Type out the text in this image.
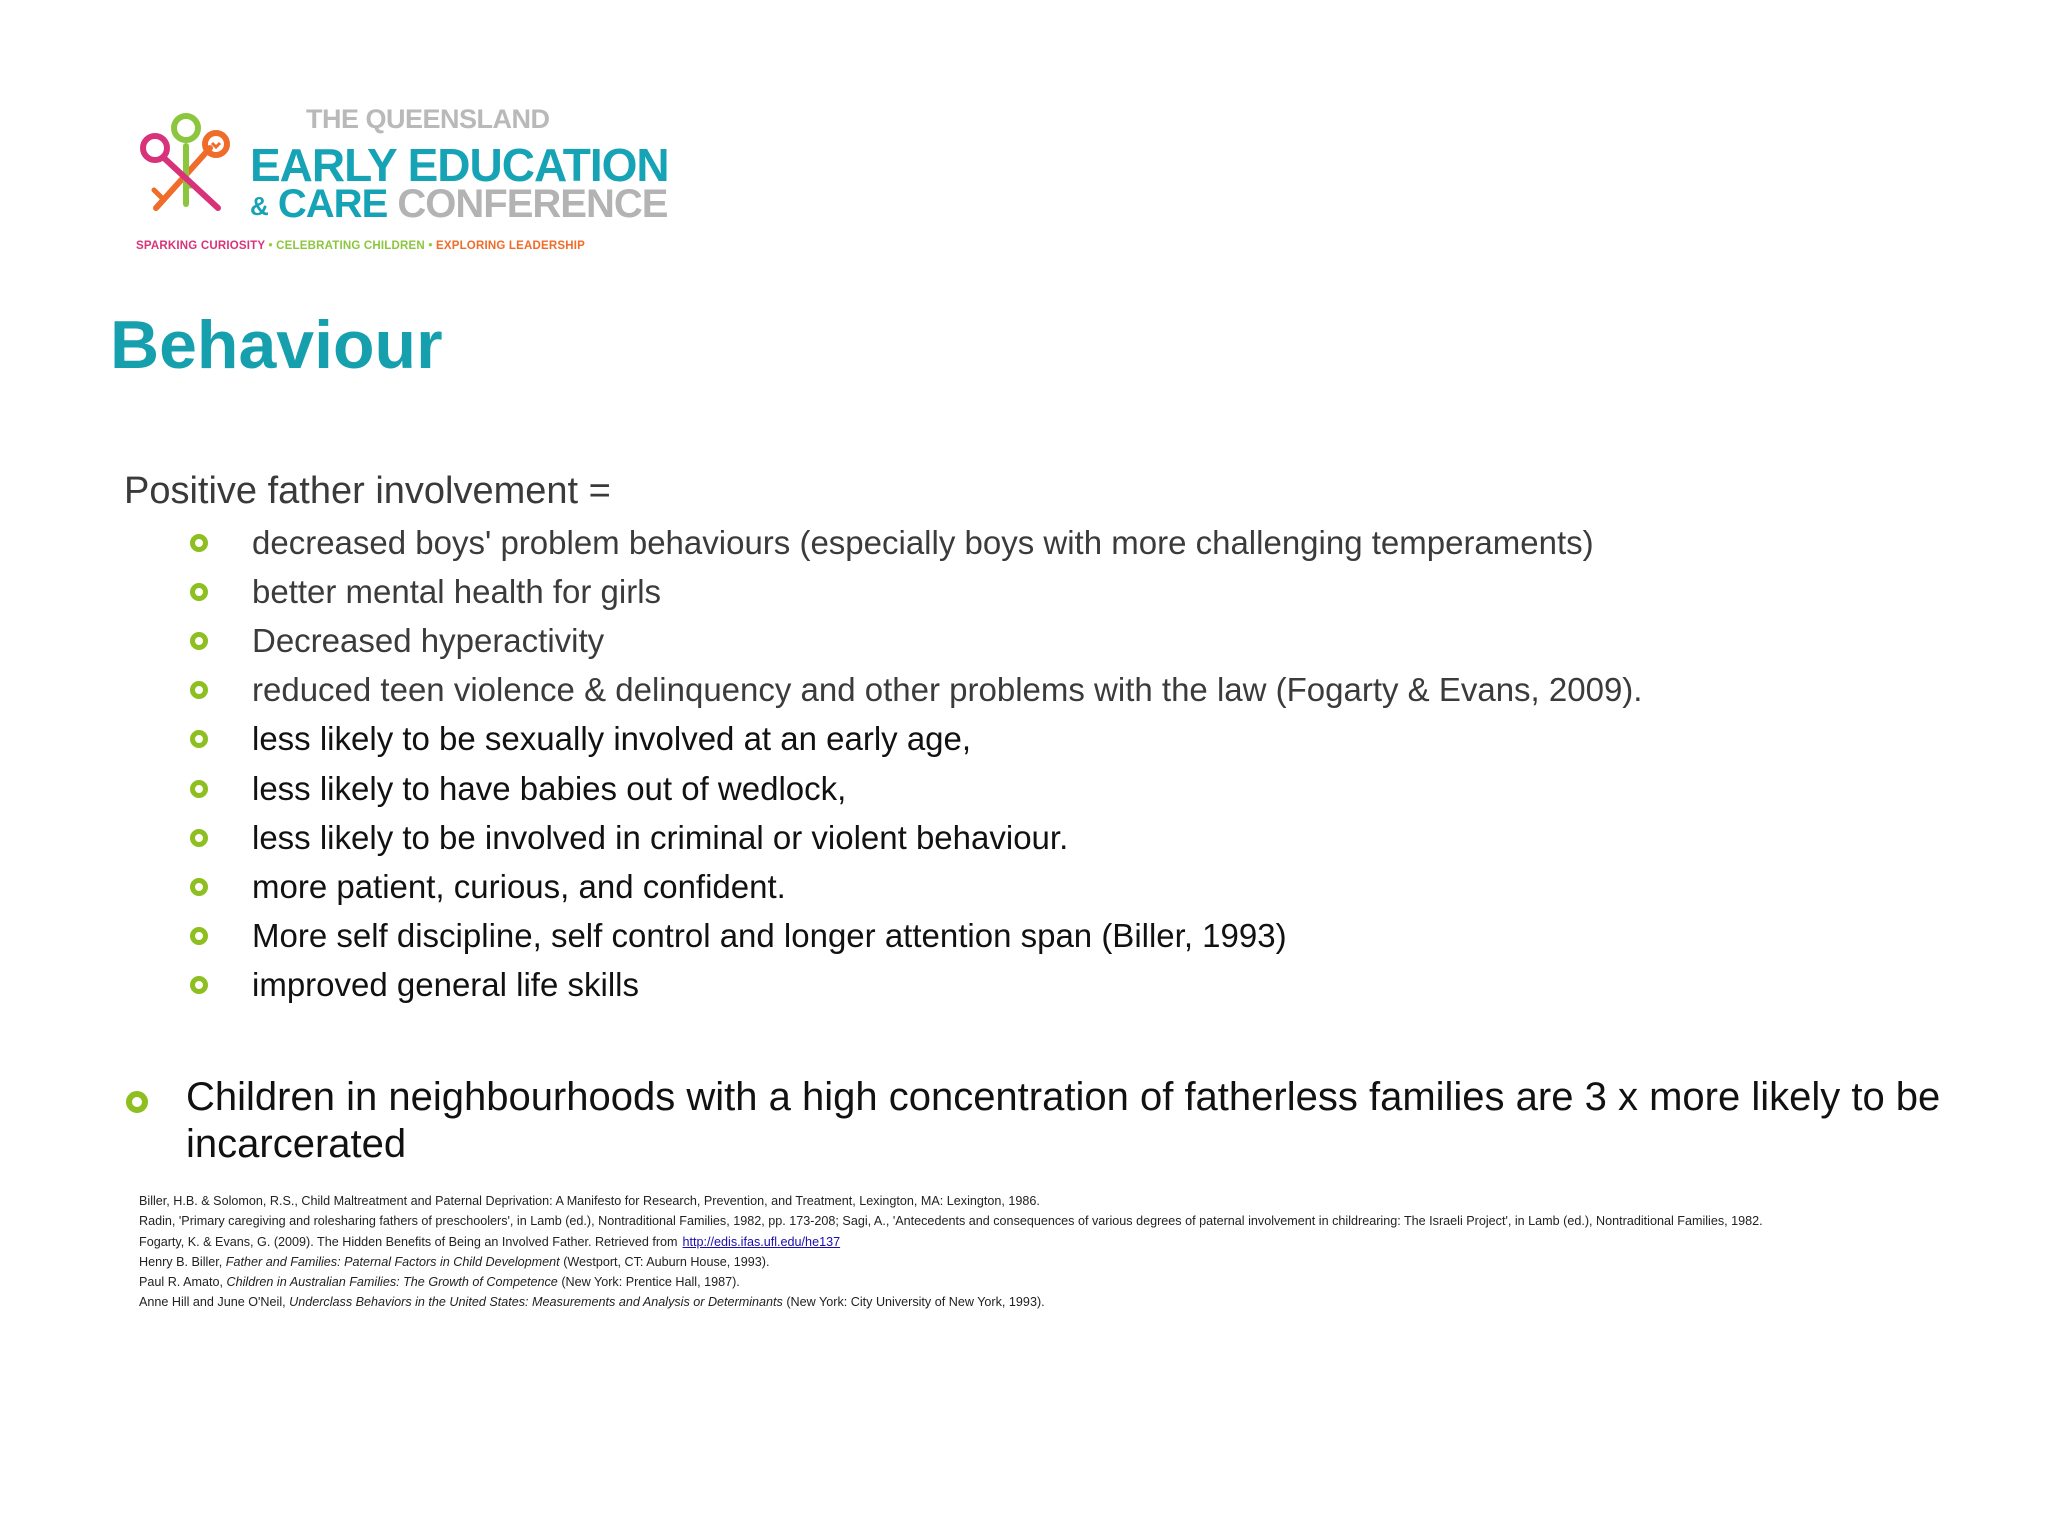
THE QUEENSLAND
EARLY EDUCATION
& CARE CONFERENCE
SPARKING CURIOSITY • CELEBRATING CHILDREN • EXPLORING LEADERSHIP
Behaviour
Positive father involvement =
decreased boys' problem behaviours (especially boys with more challenging temperaments)
better mental health for girls
Decreased hyperactivity
reduced teen violence & delinquency and other problems with the law (Fogarty & Evans, 2009).
less likely to be sexually involved at an early age,
less likely to have babies out of wedlock,
less likely to be involved in criminal or violent behaviour.
more patient, curious, and confident.
More self discipline, self control and longer attention span (Biller, 1993)
improved general life skills
Children in neighbourhoods with a high concentration of fatherless families are 3 x more likely to be incarcerated

Biller, H.B. & Solomon, R.S., Child Maltreatment and Paternal Deprivation: A Manifesto for Research, Prevention, and Treatment, Lexington, MA: Lexington, 1986.

Radin, 'Primary caregiving and rolesharing fathers of preschoolers', in Lamb (ed.), Nontraditional Families, 1982, pp. 173-208; Sagi, A., 'Antecedents and consequences of various degrees of paternal involvement in childrearing: The Israeli Project', in Lamb (ed.), Nontraditional Families, 1982.

Fogarty, K. & Evans, G. (2009). The Hidden Benefits of Being an Involved Father. Retrieved from http://edis.ifas.ufl.edu/he137

Henry B. Biller, Father and Families: Paternal Factors in Child Development (Westport, CT: Auburn House, 1993).

Paul R. Amato, Children in Australian Families: The Growth of Competence (New York: Prentice Hall, 1987).

Anne Hill and June O'Neil, Underclass Behaviors in the United States: Measurements and Analysis or Determinants (New York: City University of New York, 1993).
